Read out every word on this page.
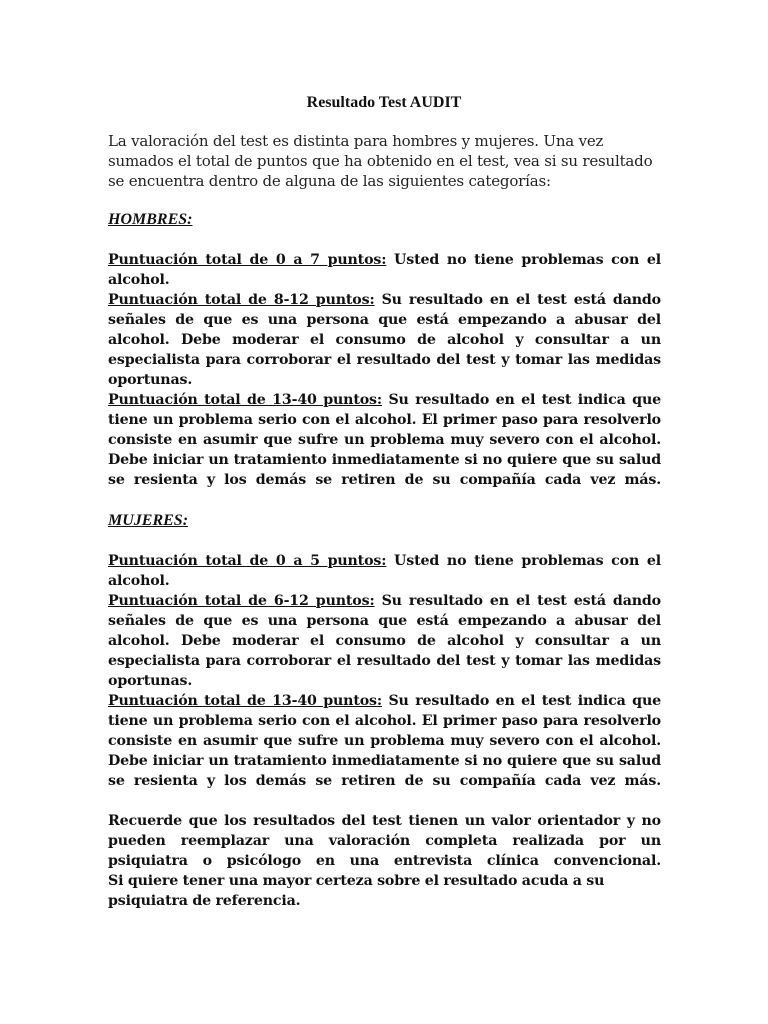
Resultado Test AUDIT

La valoración del test es distinta para hombres y mujeres. Una vez sumados el total de puntos que ha obtenido en el test, vea si su resultado se encuentra dentro de alguna de las siguientes categorías:

HOMBRES:

Puntuación total de 0 a 7 puntos: Usted no tiene problemas con el alcohol.

Puntuación total de 8-12 puntos: Su resultado en el test está dando señales de que es una persona que está empezando a abusar del alcohol. Debe moderar el consumo de alcohol y consultar a un especialista para corroborar el resultado del test y tomar las medidas oportunas.

Puntuación total de 13-40 puntos: Su resultado en el test indica que tiene un problema serio con el alcohol. El primer paso para resolverlo consiste en asumir que sufre un problema muy severo con el alcohol. Debe iniciar un tratamiento inmediatamente si no quiere que su salud se resienta y los demás se retiren de su compañía cada vez más.

MUJERES:

Puntuación total de 0 a 5 puntos: Usted no tiene problemas con el alcohol.

Puntuación total de 6-12 puntos: Su resultado en el test está dando señales de que es una persona que está empezando a abusar del alcohol. Debe moderar el consumo de alcohol y consultar a un especialista para corroborar el resultado del test y tomar las medidas oportunas.

Puntuación total de 13-40 puntos: Su resultado en el test indica que tiene un problema serio con el alcohol. El primer paso para resolverlo consiste en asumir que sufre un problema muy severo con el alcohol. Debe iniciar un tratamiento inmediatamente si no quiere que su salud se resienta y los demás se retiren de su compañía cada vez más.

Recuerde que los resultados del test tienen un valor orientador y no pueden reemplazar una valoración completa realizada por un psiquiatra o psicólogo en una entrevista clínica convencional.
Si quiere tener una mayor certeza sobre el resultado acuda a su psiquiatra de referencia.
